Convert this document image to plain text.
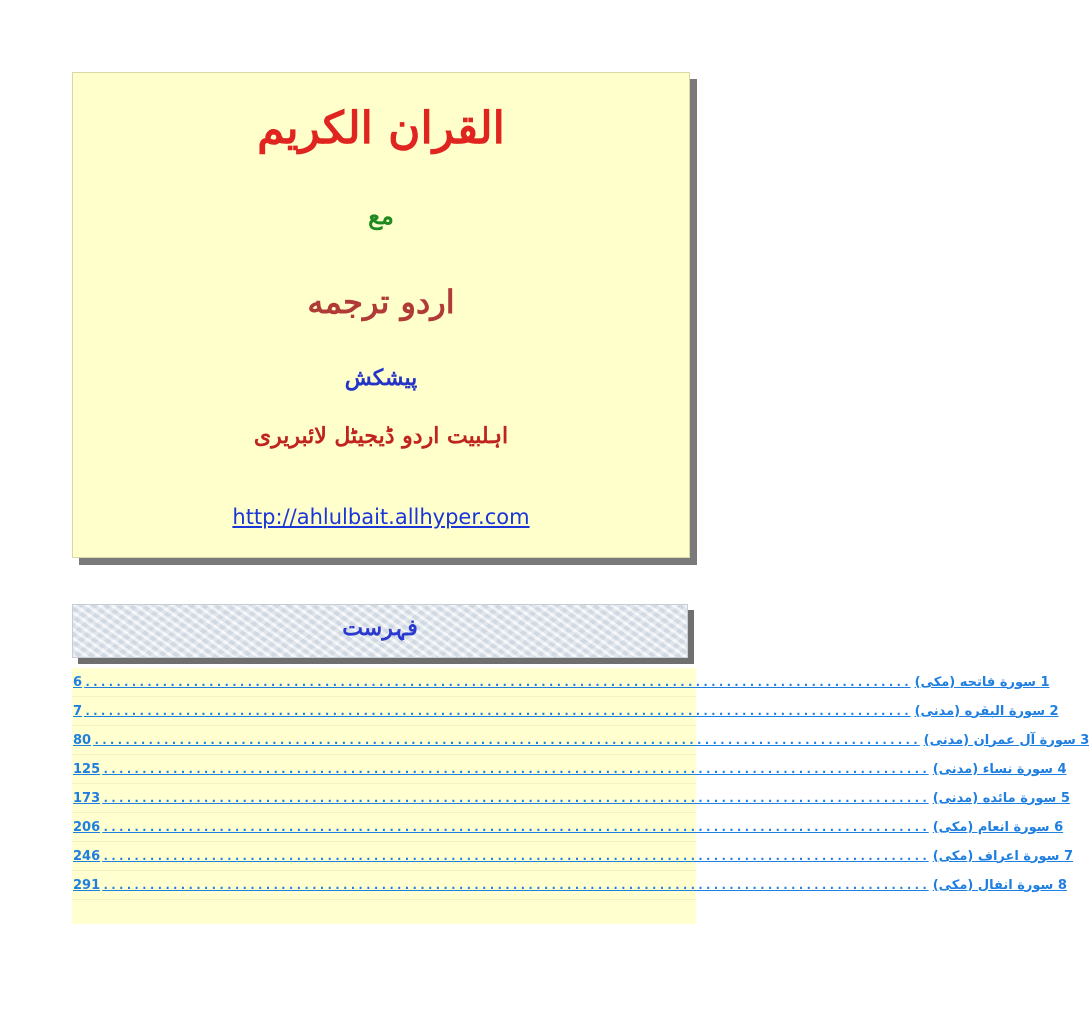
القران الكريم
مع
اردو ترجمه
پیشکش
اہلبیت اردو ڈیجیٹل لائبریری
http://ahlulbait.allhyper.com
فہرست
6 ........................................................................................................... 1 سورة فاتحه (مكی)
7 ........................................................................................................... 2 سورة البقره (مدنی)
80 ........................................................................................................... 3 سورة آل عمران (مدنی)
125 ........................................................................................................... 4 سورة نساء (مدنی)
173 ........................................................................................................... 5 سورة مائده (مدنی)
206 ........................................................................................................... 6 سورة انعام (مكی)
246 ........................................................................................................... 7 سورة اعراف (مكی)
291 ........................................................................................................... 8 سورة انفال (مكی)
